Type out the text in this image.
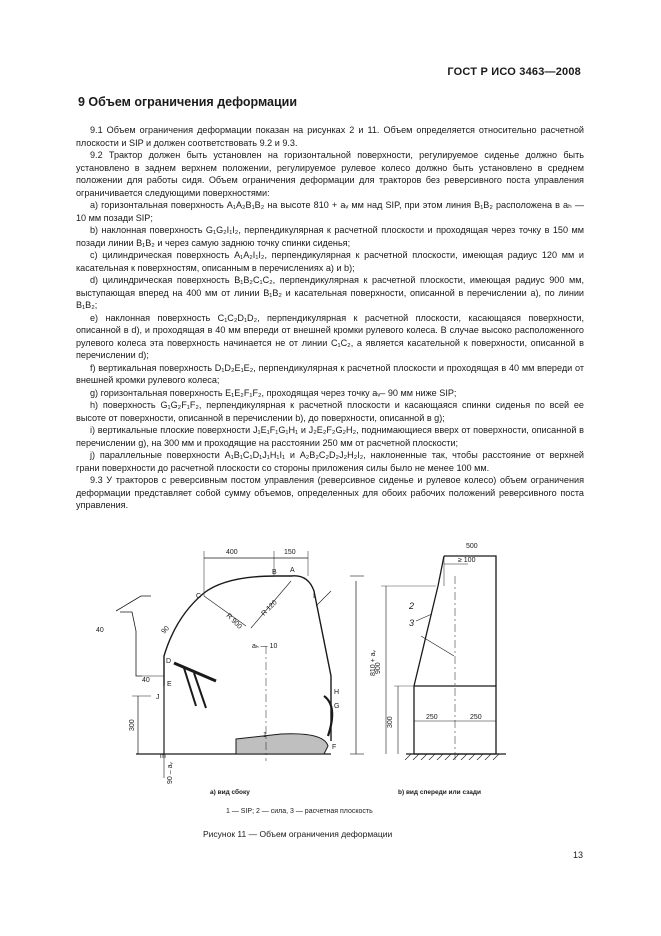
ГОСТ Р ИСО 3463—2008
9 Объем ограничения деформации

9.1 Объем ограничения деформации показан на рисунках 2 и 11. Объем определяется относительно расчетной плоскости и SIP и должен соответствовать 9.2 и 9.3.

9.2 Трактор должен быть установлен на горизонтальной поверхности, регулируемое сиденье должно быть установлено в заднем верхнем положении, регулируемое рулевое колесо должно быть установлено в среднем положении для работы сидя. Объем ограничения деформации для тракторов без реверсивного поста управления ограничивается следующими поверхностями:

a) горизонтальная поверхность A₁A₂B₁B₂ на высоте 810 + aᵥ мм над SIP, при этом линия B₁B₂ расположена в aₕ — 10 мм позади SIP;

b) наклонная поверхность G₁G₂I₁I₂, перпендикулярная к расчетной плоскости и проходящая через точку в 150 мм позади линии B₁B₂ и через самую заднюю точку спинки сиденья;

c) цилиндрическая поверхность A₁A₂I₁I₂, перпендикулярная к расчетной плоскости, имеющая радиус 120 мм и касательная к поверхностям, описанным в перечислениях a) и b);

d) цилиндрическая поверхность B₁B₂C₁C₂, перпендикулярная к расчетной плоскости, имеющая радиус 900 мм, выступающая вперед на 400 мм от линии B₁B₂ и касательная поверхности, описанной в перечислении a), по линии B₁B₂;

e) наклонная поверхность C₁C₂D₁D₂, перпендикулярная к расчетной плоскости, касающаяся поверхности, описанной в d), и проходящая в 40 мм впереди от внешней кромки рулевого колеса. В случае высоко расположенного рулевого колеса эта поверхность начинается не от линии C₁C₂, а является касательной к поверхности, описанной в перечислении d);

f) вертикальная поверхность D₁D₂E₁E₂, перпендикулярная к расчетной плоскости и проходящая в 40 мм впереди от внешней кромки рулевого колеса;

g) горизонтальная поверхность E₁E₂F₁F₂, проходящая через точку aᵥ– 90 мм ниже SIP;

h) поверхность G₁G₂F₁F₂, перпендикулярная к расчетной плоскости и касающаяся спинки сиденья по всей ее высоте от поверхности, описанной в перечислении b), до поверхности, описанной в g);

i) вертикальные плоские поверхности J₁E₁F₁G₁H₁ и J₂E₂F₂G₂H₂, поднимающиеся вверх от поверхности, описанной в перечислении g), на 300 мм и проходящие на расстоянии 250 мм от расчетной плоскости;

j) параллельные поверхности A₁B₁C₁D₁J₁H₁I₁ и A₂B₂C₂D₂J₂H₂I₂, наклоненные так, чтобы расстояние от верхней грани поверхности до расчетной плоскости со стороны приложения силы было не менее 100 мм.

9.3 У тракторов с реверсивным постом управления (реверсивное сиденье и рулевое колесо) объем ограничения деформации представляет собой сумму объемов, определенных для обоих рабочих положений реверсивного поста управления.

400	150
40
40
90
aₕ — 10
810 + aᵥ
300
90 – aᵥ
R 900
R 120
B A
C
D
E
J
I
H
G
F
1
m
500
≥ 100
900
300	250	250
2
3
а) вид сбоку	b) вид спереди или сзади
1 — SIP; 2 — сила, 3 — расчетная плоскость
Рисунок 11 — Объем ограничения деформации
13
